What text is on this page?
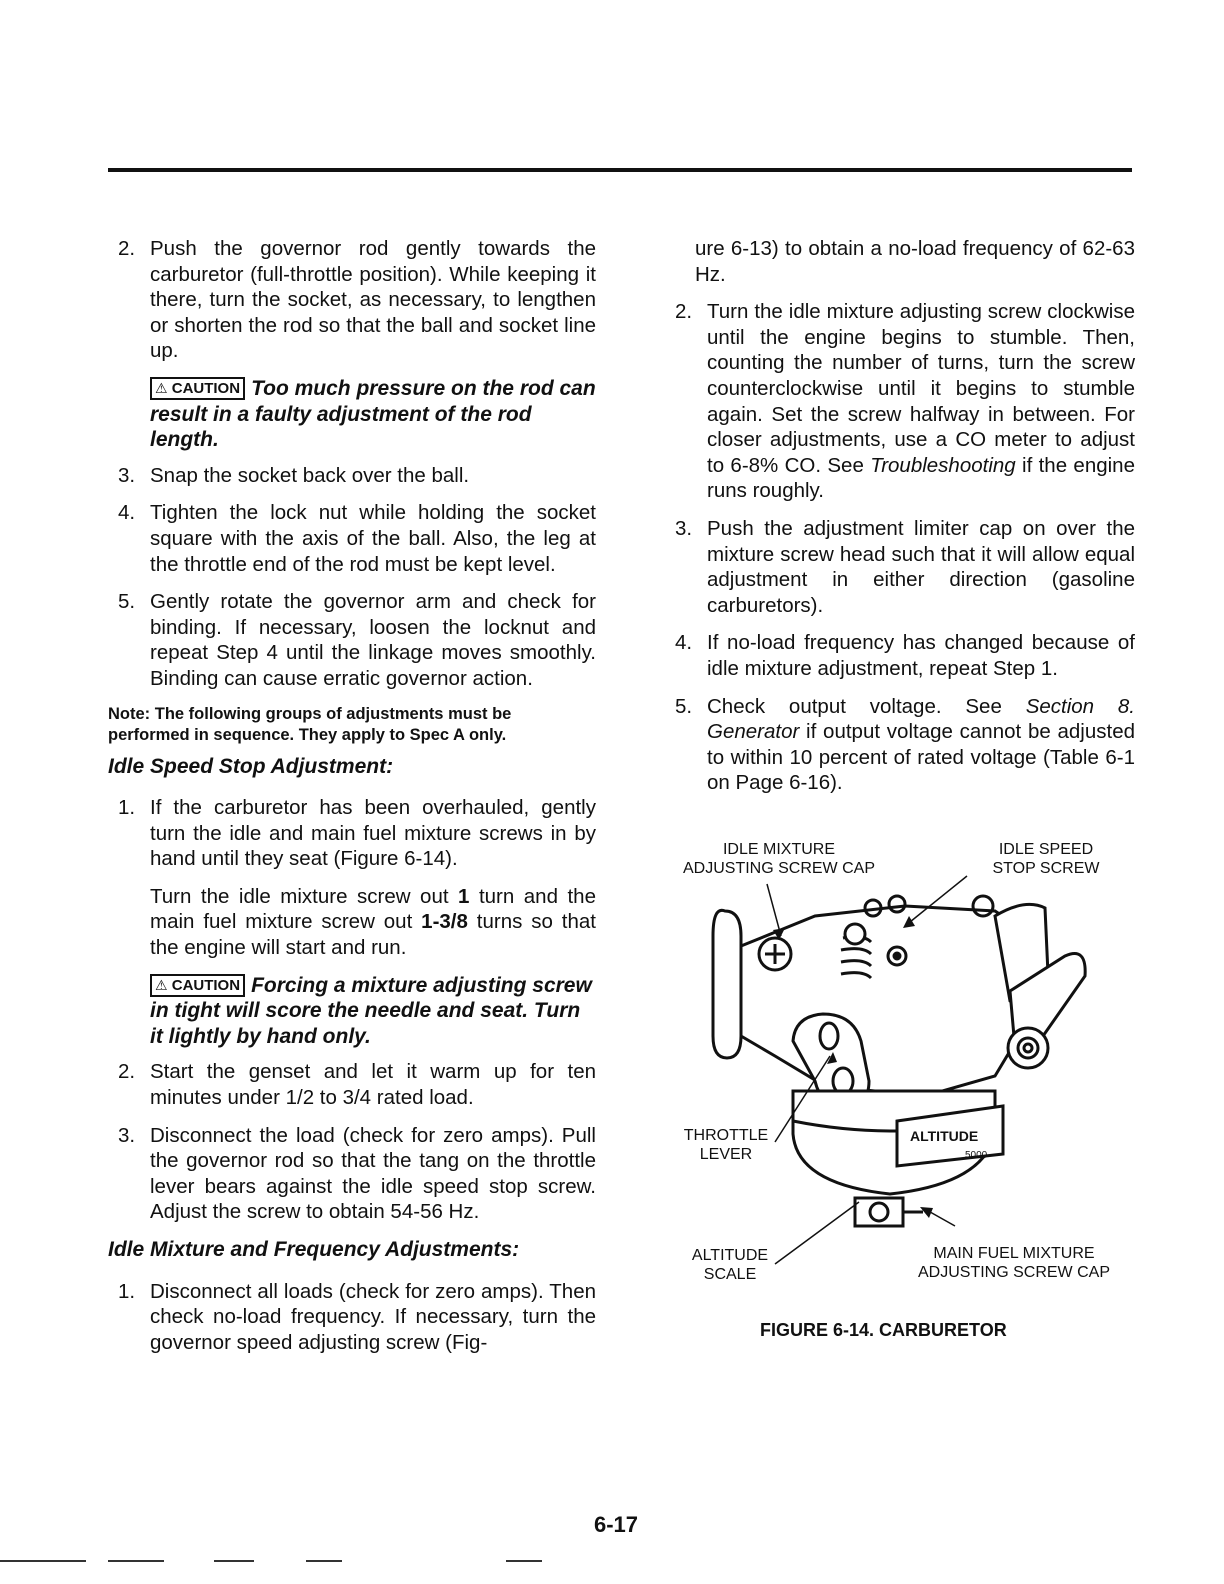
2. Push the governor rod gently towards the carburetor (full-throttle position). While keeping it there, turn the socket, as necessary, to lengthen or shorten the rod so that the ball and socket line up.
⚠ CAUTION Too much pressure on the rod can result in a faulty adjustment of the rod length.
3. Snap the socket back over the ball.
4. Tighten the lock nut while holding the socket square with the axis of the ball. Also, the leg at the throttle end of the rod must be kept level.
5. Gently rotate the governor arm and check for binding. If necessary, loosen the locknut and repeat Step 4 until the linkage moves smoothly. Binding can cause erratic governor action.
Note: The following groups of adjustments must be performed in sequence. They apply to Spec A only.
Idle Speed Stop Adjustment:
1. If the carburetor has been overhauled, gently turn the idle and main fuel mixture screws in by hand until they seat (Figure 6-14).
Turn the idle mixture screw out 1 turn and the main fuel mixture screw out 1-3/8 turns so that the engine will start and run.
⚠ CAUTION Forcing a mixture adjusting screw in tight will score the needle and seat. Turn it lightly by hand only.
2. Start the genset and let it warm up for ten minutes under 1/2 to 3/4 rated load.
3. Disconnect the load (check for zero amps). Pull the governor rod so that the tang on the throttle lever bears against the idle speed stop screw. Adjust the screw to obtain 54-56 Hz.
Idle Mixture and Frequency Adjustments:
1. Disconnect all loads (check for zero amps). Then check no-load frequency. If necessary, turn the governor speed adjusting screw (Fig-
ure 6-13) to obtain a no-load frequency of 62-63 Hz.
2. Turn the idle mixture adjusting screw clockwise until the engine begins to stumble. Then, counting the number of turns, turn the screw counterclockwise until it begins to stumble again. Set the screw halfway in between. For closer adjustments, use a CO meter to adjust to 6-8% CO. See Troubleshooting if the engine runs roughly.
3. Push the adjustment limiter cap on over the mixture screw head such that it will allow equal adjustment in either direction (gasoline carburetors).
4. If no-load frequency has changed because of idle mixture adjustment, repeat Step 1.
5. Check output voltage. See Section 8. Generator if output voltage cannot be adjusted to within 10 percent of rated voltage (Table 6-1 on Page 6-16).
ALTITUDE
5000
IDLE MIXTURE
ADJUSTING SCREW CAP
IDLE SPEED
STOP SCREW
THROTTLE
LEVER
ALTITUDE
SCALE
MAIN FUEL MIXTURE
ADJUSTING SCREW CAP
FIGURE 6-14. CARBURETOR
6-17
